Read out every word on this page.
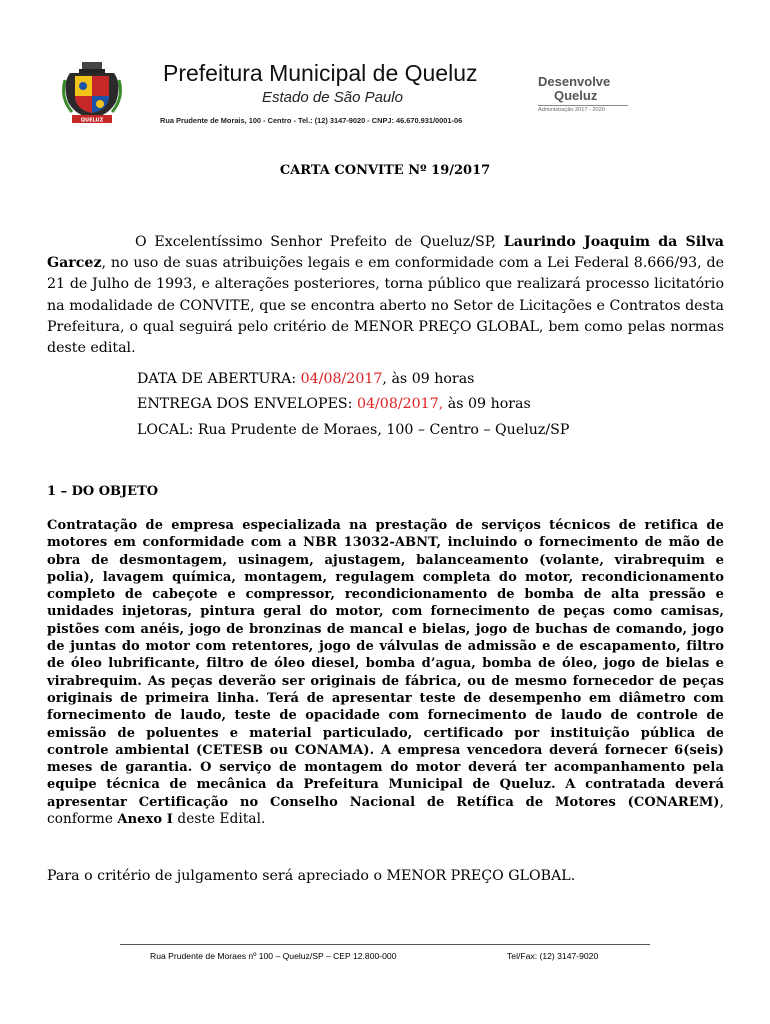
QUELUZ
Prefeitura Municipal de Queluz
Estado de São Paulo
Rua Prudente de Morais, 100 - Centro - Tel.: (12) 3147-9020 - CNPJ: 46.670.931/0001-06
Desenvolve
Queluz
Administração 2017 - 2020
CARTA CONVITE Nº 19/2017
O Excelentíssimo Senhor Prefeito de Queluz/SP, Laurindo Joaquim da Silva Garcez, no uso de suas atribuições legais e em conformidade com a Lei Federal 8.666/93, de 21 de Julho de 1993, e alterações posteriores, torna público que realizará processo licitatório na modalidade de CONVITE, que se encontra aberto no Setor de Licitações e Contratos desta Prefeitura, o qual seguirá pelo critério de MENOR PREÇO GLOBAL, bem como pelas normas deste edital.
DATA DE ABERTURA: 04/08/2017, às 09 horas
ENTREGA DOS ENVELOPES: 04/08/2017, às 09 horas
LOCAL: Rua Prudente de Moraes, 100 – Centro – Queluz/SP
1 – DO OBJETO
Contratação de empresa especializada na prestação de serviços técnicos de retifica de motores em conformidade com a NBR 13032-ABNT, incluindo o fornecimento de mão de obra de desmontagem, usinagem, ajustagem, balanceamento (volante, virabrequim e polia), lavagem química, montagem, regulagem completa do motor, recondicionamento completo de cabeçote e compressor, recondicionamento de bomba de alta pressão e unidades injetoras, pintura geral do motor, com fornecimento de peças como camisas, pistões com anéis, jogo de bronzinas de mancal e bielas, jogo de buchas de comando, jogo de juntas do motor com retentores, jogo de válvulas de admissão e de escapamento, filtro de óleo lubrificante, filtro de óleo diesel, bomba d’agua, bomba de óleo, jogo de bielas e virabrequim. As peças deverão ser originais de fábrica, ou de mesmo fornecedor de peças originais de primeira linha. Terá de apresentar teste de desempenho em diâmetro com fornecimento de laudo, teste de opacidade com fornecimento de laudo de controle de emissão de poluentes e material particulado, certificado por instituição pública de controle ambiental (CETESB ou CONAMA). A empresa vencedora deverá fornecer 6(seis) meses de garantia. O serviço de montagem do motor deverá ter acompanhamento pela equipe técnica de mecânica da Prefeitura Municipal de Queluz. A contratada deverá apresentar Certificação no Conselho Nacional de Retífica de Motores (CONAREM), conforme Anexo I deste Edital.
Para o critério de julgamento será apreciado o MENOR PREÇO GLOBAL.
Rua Prudente de Moraes nº 100 – Queluz/SP – CEP 12.800-000	Tel/Fax: (12) 3147-9020
